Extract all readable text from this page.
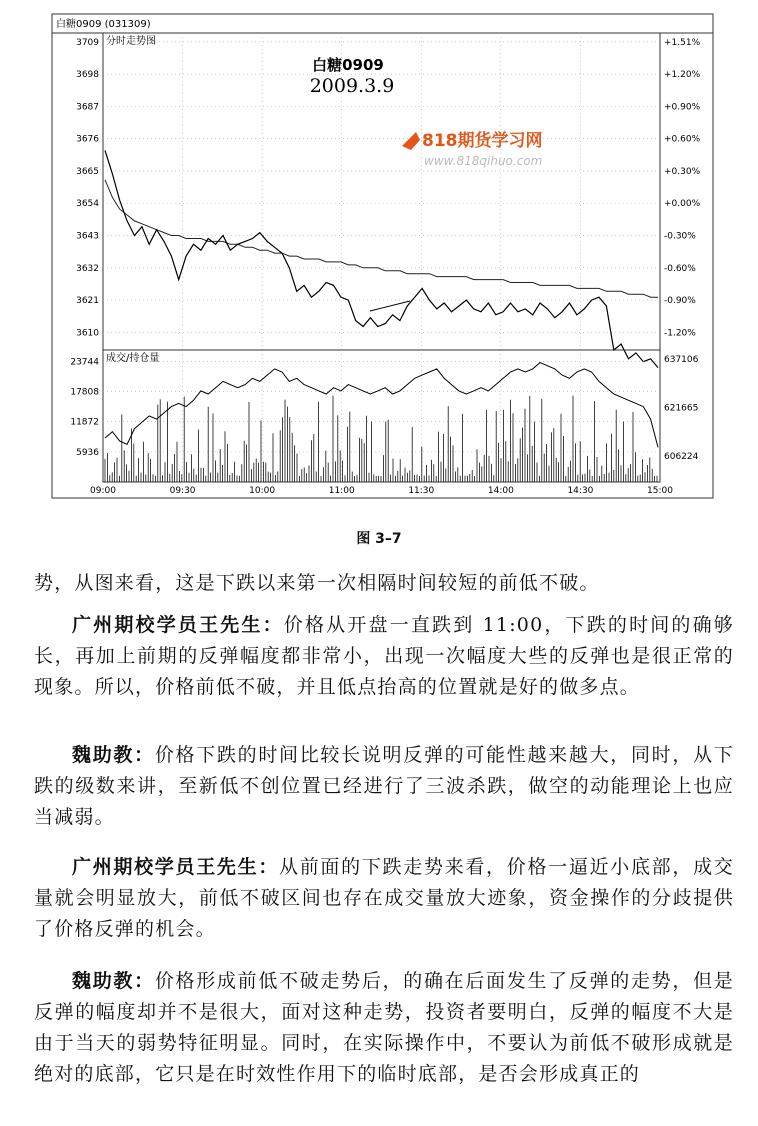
白糖0909 (031309)
分时走势图
3709
3698
3687
3676
3665
3654
3643
3632
3621
3610
+1.51%
+1.20%
+0.90%
+0.60%
+0.30%
+0.00%
-0.30%
-0.60%
-0.90%
-1.20%
白糖0909
2009.3.9
818期货学习网
www.818qihuo.com
成交/持仓量
23744
17808
11872
5936
637106
621665
606224
09:00	09:30	10:00	11:00	11:30	14:00	14:30	15:00
图 3–7
势，从图来看，这是下跌以来第一次相隔时间较短的前低不破。
广州期校学员王先生：价格从开盘一直跌到 11:00，下跌的时间的确够长，再加上前期的反弹幅度都非常小，出现一次幅度大些的反弹也是很正常的现象。所以，价格前低不破，并且低点抬高的位置就是好的做多点。
魏助教：价格下跌的时间比较长说明反弹的可能性越来越大，同时，从下跌的级数来讲，至新低不创位置已经进行了三波杀跌，做空的动能理论上也应当减弱。
广州期校学员王先生：从前面的下跌走势来看，价格一逼近小底部，成交量就会明显放大，前低不破区间也存在成交量放大迹象，资金操作的分歧提供了价格反弹的机会。
魏助教：价格形成前低不破走势后，的确在后面发生了反弹的走势，但是反弹的幅度却并不是很大，面对这种走势，投资者要明白，反弹的幅度不大是由于当天的弱势特征明显。同时，在实际操作中，不要认为前低不破形成就是绝对的底部，它只是在时效性作用下的临时底部，是否会形成真正的
